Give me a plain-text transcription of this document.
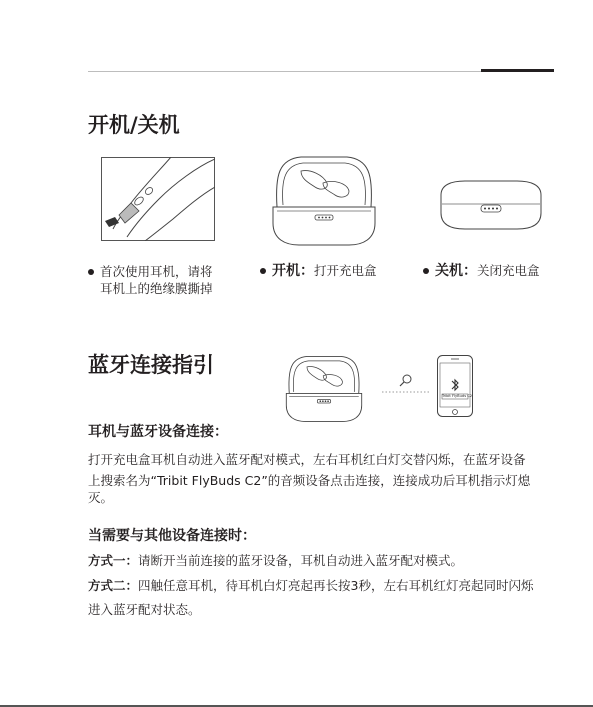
开机/关机
首次使用耳机，请将
耳机上的绝缘膜撕掉
开机：打开充电盒	关机：关闭充电盒
蓝牙连接指引
Tribit FlyBuds C2
耳机与蓝牙设备连接：
打开充电盒耳机自动进入蓝牙配对模式，左右耳机红白灯交替闪烁，在蓝牙设备
上搜索名为“Tribit FlyBuds C2”的音频设备点击连接，连接成功后耳机指示灯熄
灭。
当需要与其他设备连接时：
方式一：请断开当前连接的蓝牙设备，耳机自动进入蓝牙配对模式。
方式二：四触任意耳机，待耳机白灯亮起再长按3秒，左右耳机红灯亮起同时闪烁
进入蓝牙配对状态。
